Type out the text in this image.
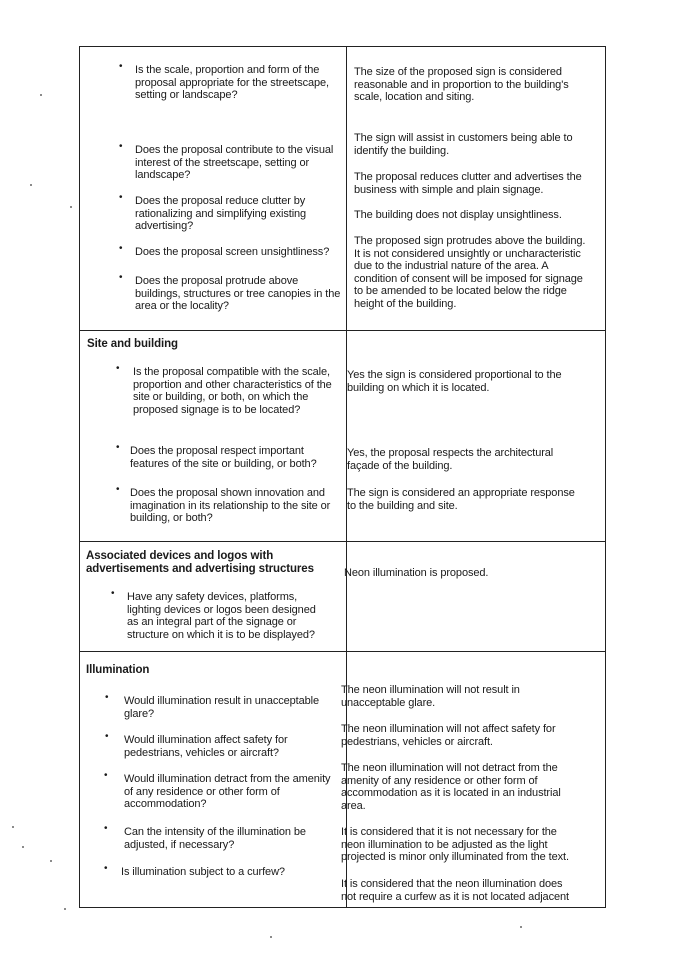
• Is the scale, proportion and form of the proposal appropriate for the streetscape, setting or landscape?
The size of the proposed sign is considered reasonable and in proportion to the building's scale, location and siting.
• Does the proposal contribute to the visual interest of the streetscape, setting or landscape?
The sign will assist in customers being able to identify the building.
• Does the proposal reduce clutter by rationalizing and simplifying existing advertising?
The proposal reduces clutter and advertises the business with simple and plain signage.
• Does the proposal screen unsightliness?
The building does not display unsightliness.
• Does the proposal protrude above buildings, structures or tree canopies in the area or the locality?
The proposed sign protrudes above the building. It is not considered unsightly or uncharacteristic due to the industrial nature of the area. A condition of consent will be imposed for signage to be amended to be located below the ridge height of the building.
Site and building
• Is the proposal compatible with the scale, proportion and other characteristics of the site or building, or both, on which the proposed signage is to be located?
Yes the sign is considered proportional to the building on which it is located.
• Does the proposal respect important features of the site or building, or both?
Yes, the proposal respects the architectural façade of the building.
• Does the proposal shown innovation and imagination in its relationship to the site or building, or both?
The sign is considered an appropriate response to the building and site.
Associated devices and logos with advertisements and advertising structures
• Have any safety devices, platforms, lighting devices or logos been designed as an integral part of the signage or structure on which it is to be displayed?
Neon illumination is proposed.
Illumination
• Would illumination result in unacceptable glare?
The neon illumination will not result in unacceptable glare.
• Would illumination affect safety for pedestrians, vehicles or aircraft?
The neon illumination will not affect safety for pedestrians, vehicles or aircraft.
• Would illumination detract from the amenity of any residence or other form of accommodation?
The neon illumination will not detract from the amenity of any residence or other form of accommodation as it is located in an industrial area.
• Can the intensity of the illumination be adjusted, if necessary?
It is considered that it is not necessary for the neon illumination to be adjusted as the light projected is minor only illuminated from the text.
• Is illumination subject to a curfew?
It is considered that the neon illumination does not require a curfew as it is not located adjacent
